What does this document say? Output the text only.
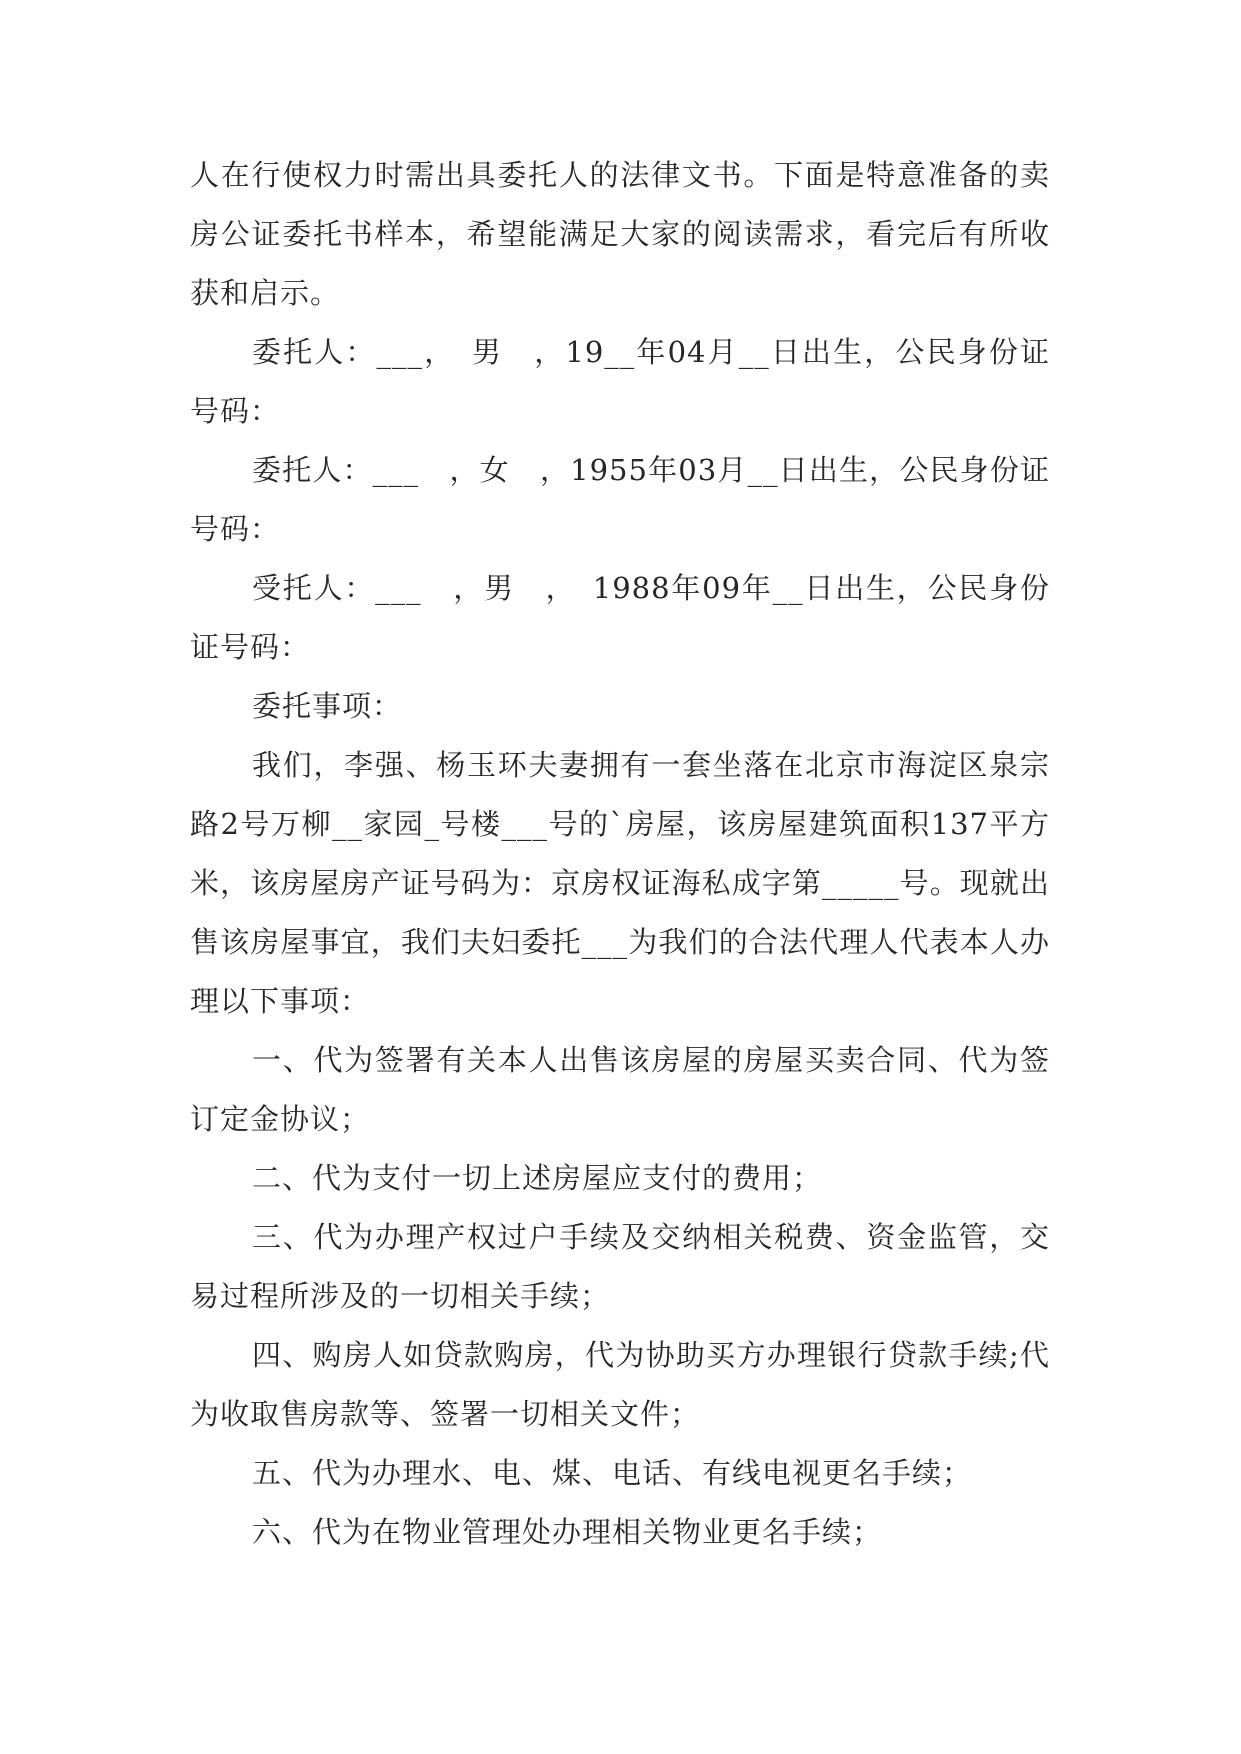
人在行使权力时需出具委托人的法律文书。下面是特意准备的卖房公证委托书样本，希望能满足大家的阅读需求，看完后有所收获和启示。

委托人：___，　男　，19__年04月__日出生，公民身份证号码：

委托人：___　，女　，1955年03月__日出生，公民身份证号码：

受托人：___　，男　，　1988年09年__日出生，公民身份证号码：

委托事项：

我们，李强、杨玉环夫妻拥有一套坐落在北京市海淀区泉宗路2号万柳__家园_号楼___号的`房屋，该房屋建筑面积137平方米，该房屋房产证号码为：京房权证海私成字第_____号。现就出售该房屋事宜，我们夫妇委托___为我们的合法代理人代表本人办理以下事项：

一、代为签署有关本人出售该房屋的房屋买卖合同、代为签订定金协议；

二、代为支付一切上述房屋应支付的费用；

三、代为办理产权过户手续及交纳相关税费、资金监管，交易过程所涉及的一切相关手续；

四、购房人如贷款购房，代为协助买方办理银行贷款手续;代为收取售房款等、签署一切相关文件；

五、代为办理水、电、煤、电话、有线电视更名手续；

六、代为在物业管理处办理相关物业更名手续；
